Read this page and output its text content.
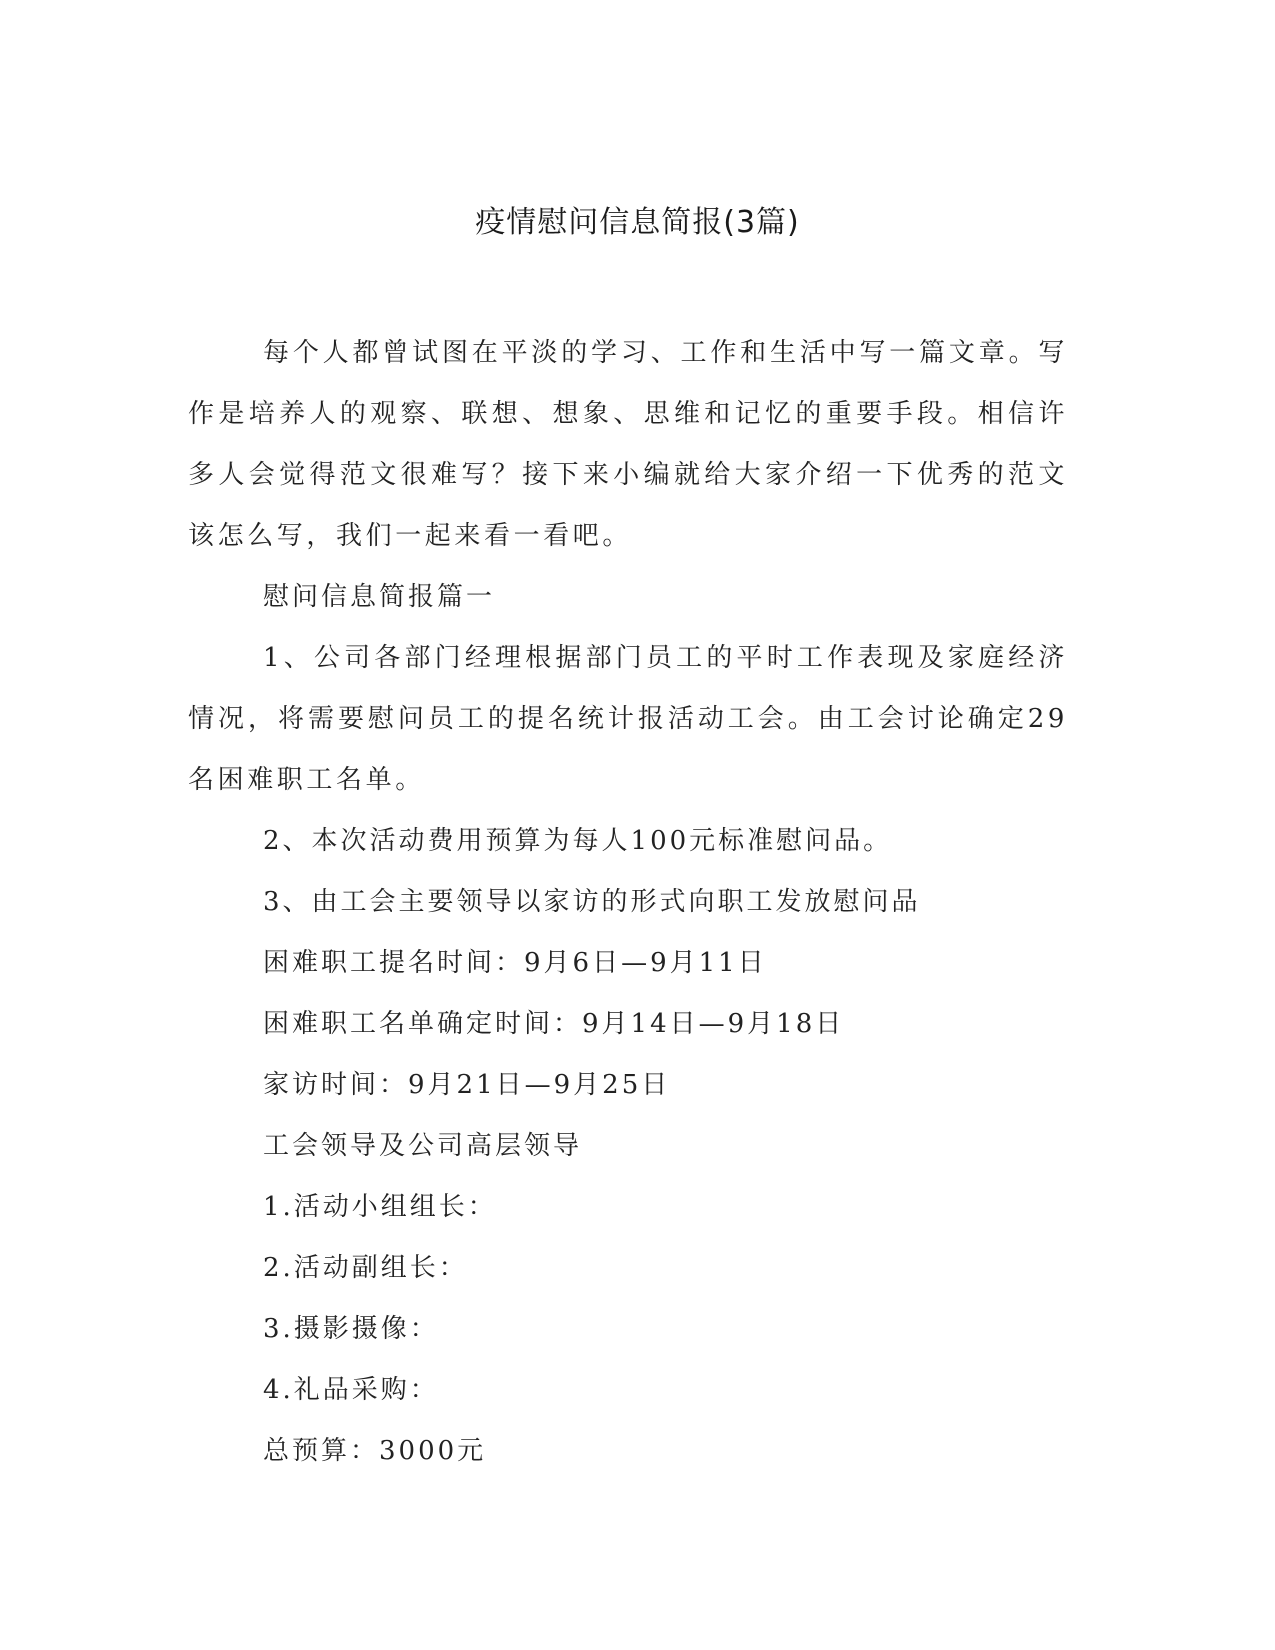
疫情慰问信息简报(3篇)

每个人都曾试图在平淡的学习、工作和生活中写一篇文章。写作是培养人的观察、联想、想象、思维和记忆的重要手段。相信许多人会觉得范文很难写？接下来小编就给大家介绍一下优秀的范文该怎么写，我们一起来看一看吧。

慰问信息简报篇一

1、公司各部门经理根据部门员工的平时工作表现及家庭经济情况，将需要慰问员工的提名统计报活动工会。由工会讨论确定29名困难职工名单。

2、本次活动费用预算为每人100元标准慰问品。

3、由工会主要领导以家访的形式向职工发放慰问品

困难职工提名时间：9月6日—9月11日

困难职工名单确定时间：9月14日—9月18日

家访时间：9月21日—9月25日

工会领导及公司高层领导

1.活动小组组长：

2.活动副组长：

3.摄影摄像：

4.礼品采购：

总预算：3000元
